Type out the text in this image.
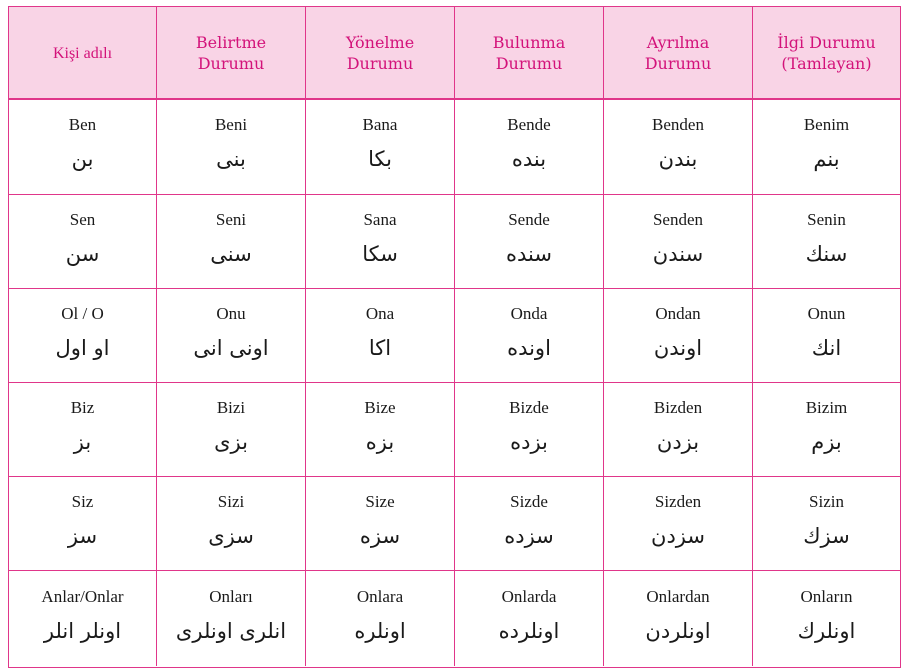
Kişi adılı
Belirtme
Durumu
Yönelme
Durumu
Bulunma
Durumu
Ayrılma
Durumu
İlgi Durumu
(Tamlayan)
Ben
بن
Beni
بنى
Bana
بكا
Bende
بنده
Benden
بندن
Benim
بنم
Sen
سن
Seni
سنى
Sana
سكا
Sende
سنده
Senden
سندن
Senin
سنك
Ol / O
او اول
Onu
اونى انى
Ona
اكا
Onda
اونده
Ondan
اوندن
Onun
انك
Biz
بز
Bizi
بزى
Bize
بزه
Bizde
بزده
Bizden
بزدن
Bizim
بزم
Siz
سز
Sizi
سزى
Size
سزه
Sizde
سزده
Sizden
سزدن
Sizin
سزك
Anlar/Onlar
اونلر انلر
Onları
انلرى اونلرى
Onlara
اونلره
Onlarda
اونلرده
Onlardan
اونلردن
Onların
اونلرك
